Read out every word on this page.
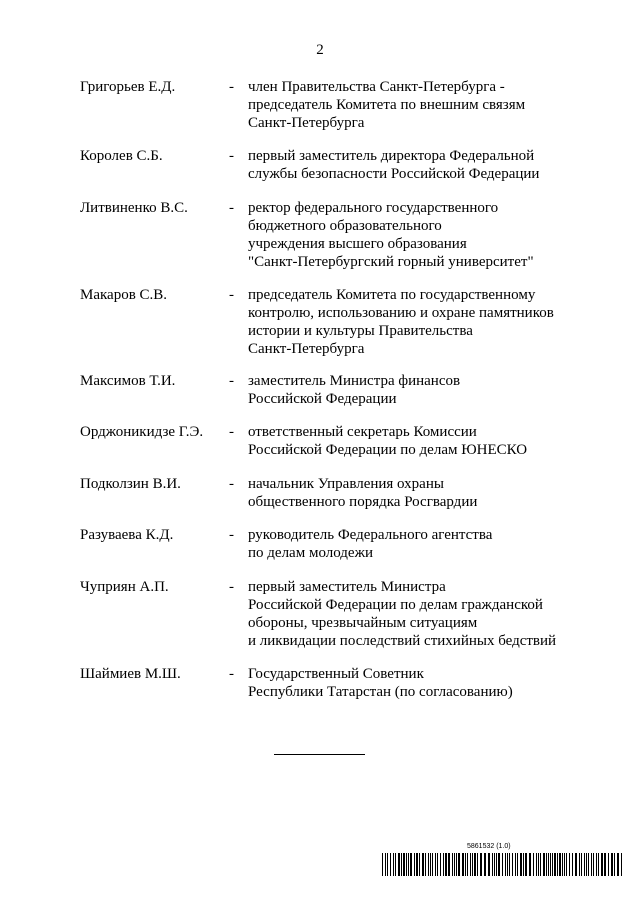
2
Григорьев Е.Д.	- член Правительства Санкт-Петербурга -
председатель Комитета по внешним связям
Санкт-Петербурга
Королев С.Б.	- первый заместитель директора Федеральной
службы безопасности Российской Федерации
Литвиненко В.С.	- ректор федерального государственного
бюджетного образовательного
учреждения высшего образования
"Санкт-Петербургский горный университет"
Макаров С.В.	- председатель Комитета по государственному
контролю, использованию и охране памятников
истории и культуры Правительства
Санкт-Петербурга
Максимов Т.И.	- заместитель Министра финансов
Российской Федерации
Орджоникидзе Г.Э. - ответственный секретарь Комиссии
Российской Федерации по делам ЮНЕСКО
Подколзин В.И.	- начальник Управления охраны
общественного порядка Росгвардии
Разуваева К.Д.	- руководитель Федерального агентства
по делам молодежи
Чуприян А.П.	- первый заместитель Министра
Российской Федерации по делам гражданской
обороны, чрезвычайным ситуациям
и ликвидации последствий стихийных бедствий
Шаймиев М.Ш.	- Государственный Советник
Республики Татарстан (по согласованию)
5861532 (1.0)
